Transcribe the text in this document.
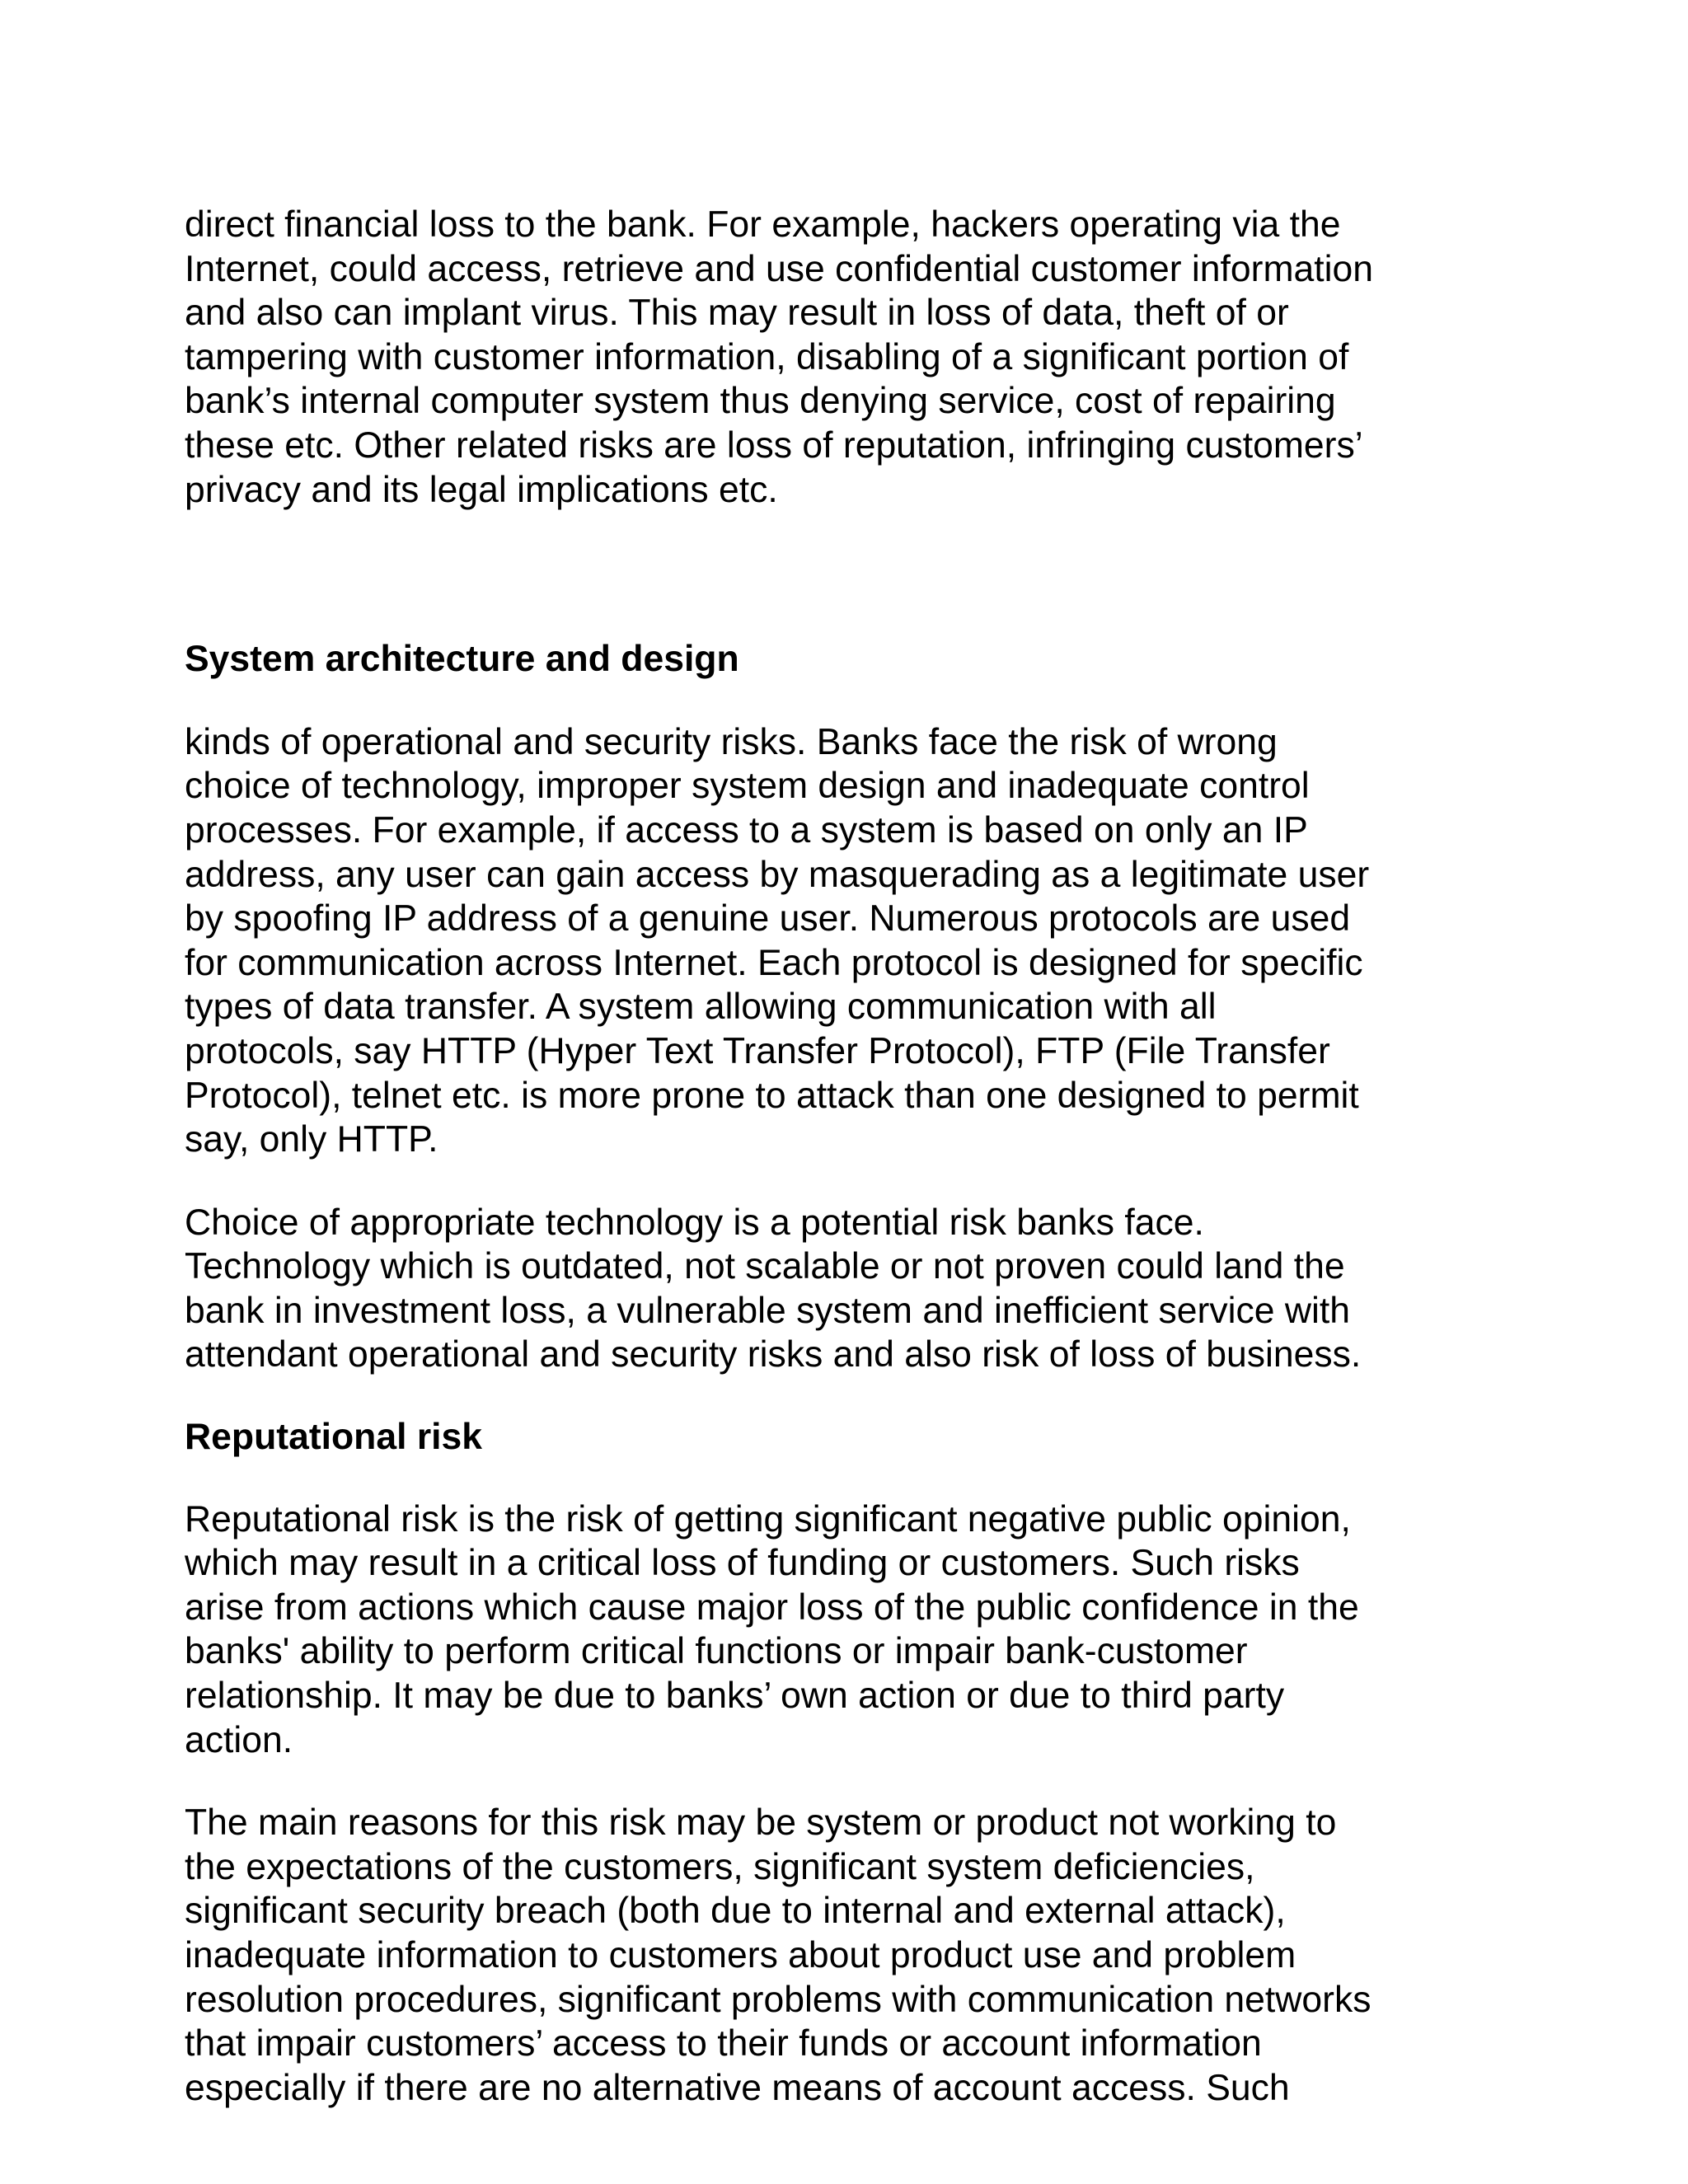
direct financial loss to the bank. For example, hackers operating via the
Internet, could access, retrieve and use confidential customer information
and also can implant virus. This may result in loss of data, theft of or
tampering with customer information, disabling of a significant portion of
bank’s internal computer system thus denying service, cost of repairing
these etc. Other related risks are loss of reputation, infringing customers’
privacy and its legal implications etc.

System architecture and design

kinds of operational and security risks. Banks face the risk of wrong
choice of technology, improper system design and inadequate control
processes. For example, if access to a system is based on only an IP
address, any user can gain access by masquerading as a legitimate user
by spoofing IP address of a genuine user. Numerous protocols are used
for communication across Internet. Each protocol is designed for specific
types of data transfer. A system allowing communication with all
protocols, say HTTP (Hyper Text Transfer Protocol), FTP (File Transfer
Protocol), telnet etc. is more prone to attack than one designed to permit
say, only HTTP.

Choice of appropriate technology is a potential risk banks face.
Technology which is outdated, not scalable or not proven could land the
bank in investment loss, a vulnerable system and inefficient service with
attendant operational and security risks and also risk of loss of business.

Reputational risk

Reputational risk is the risk of getting significant negative public opinion,
which may result in a critical loss of funding or customers. Such risks
arise from actions which cause major loss of the public confidence in the
banks' ability to perform critical functions or impair bank-customer
relationship. It may be due to banks’ own action or due to third party
action.

The main reasons for this risk may be system or product not working to
the expectations of the customers, significant system deficiencies,
significant security breach (both due to internal and external attack),
inadequate information to customers about product use and problem
resolution procedures, significant problems with communication networks
that impair customers’ access to their funds or account information
especially if there are no alternative means of account access. Such
